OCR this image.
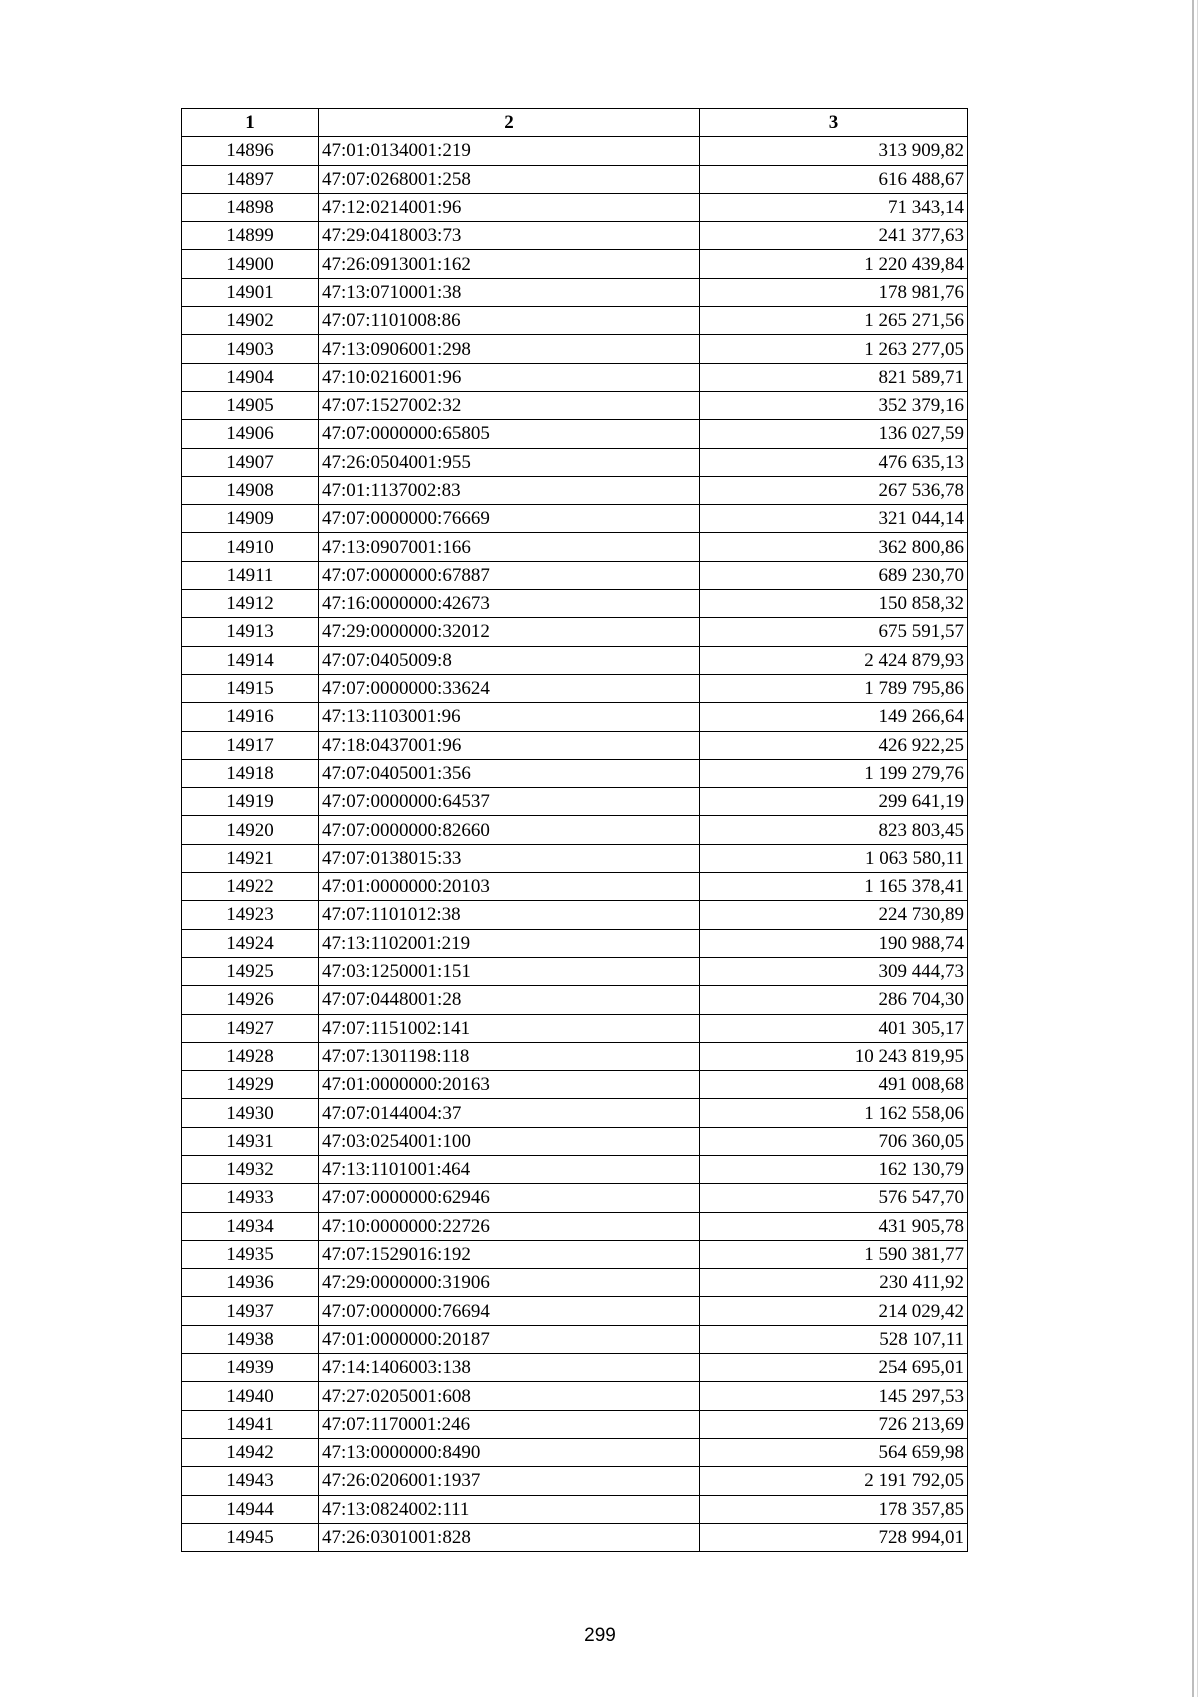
1	2	3
14896	47:01:0134001:219	313 909,82
14897	47:07:0268001:258	616 488,67
14898	47:12:0214001:96	71 343,14
14899	47:29:0418003:73	241 377,63
14900	47:26:0913001:162	1 220 439,84
14901	47:13:0710001:38	178 981,76
14902	47:07:1101008:86	1 265 271,56
14903	47:13:0906001:298	1 263 277,05
14904	47:10:0216001:96	821 589,71
14905	47:07:1527002:32	352 379,16
14906	47:07:0000000:65805	136 027,59
14907	47:26:0504001:955	476 635,13
14908	47:01:1137002:83	267 536,78
14909	47:07:0000000:76669	321 044,14
14910	47:13:0907001:166	362 800,86
14911	47:07:0000000:67887	689 230,70
14912	47:16:0000000:42673	150 858,32
14913	47:29:0000000:32012	675 591,57
14914	47:07:0405009:8	2 424 879,93
14915	47:07:0000000:33624	1 789 795,86
14916	47:13:1103001:96	149 266,64
14917	47:18:0437001:96	426 922,25
14918	47:07:0405001:356	1 199 279,76
14919	47:07:0000000:64537	299 641,19
14920	47:07:0000000:82660	823 803,45
14921	47:07:0138015:33	1 063 580,11
14922	47:01:0000000:20103	1 165 378,41
14923	47:07:1101012:38	224 730,89
14924	47:13:1102001:219	190 988,74
14925	47:03:1250001:151	309 444,73
14926	47:07:0448001:28	286 704,30
14927	47:07:1151002:141	401 305,17
14928	47:07:1301198:118	10 243 819,95
14929	47:01:0000000:20163	491 008,68
14930	47:07:0144004:37	1 162 558,06
14931	47:03:0254001:100	706 360,05
14932	47:13:1101001:464	162 130,79
14933	47:07:0000000:62946	576 547,70
14934	47:10:0000000:22726	431 905,78
14935	47:07:1529016:192	1 590 381,77
14936	47:29:0000000:31906	230 411,92
14937	47:07:0000000:76694	214 029,42
14938	47:01:0000000:20187	528 107,11
14939	47:14:1406003:138	254 695,01
14940	47:27:0205001:608	145 297,53
14941	47:07:1170001:246	726 213,69
14942	47:13:0000000:8490	564 659,98
14943	47:26:0206001:1937	2 191 792,05
14944	47:13:0824002:111	178 357,85
14945	47:26:0301001:828	728 994,01
299
